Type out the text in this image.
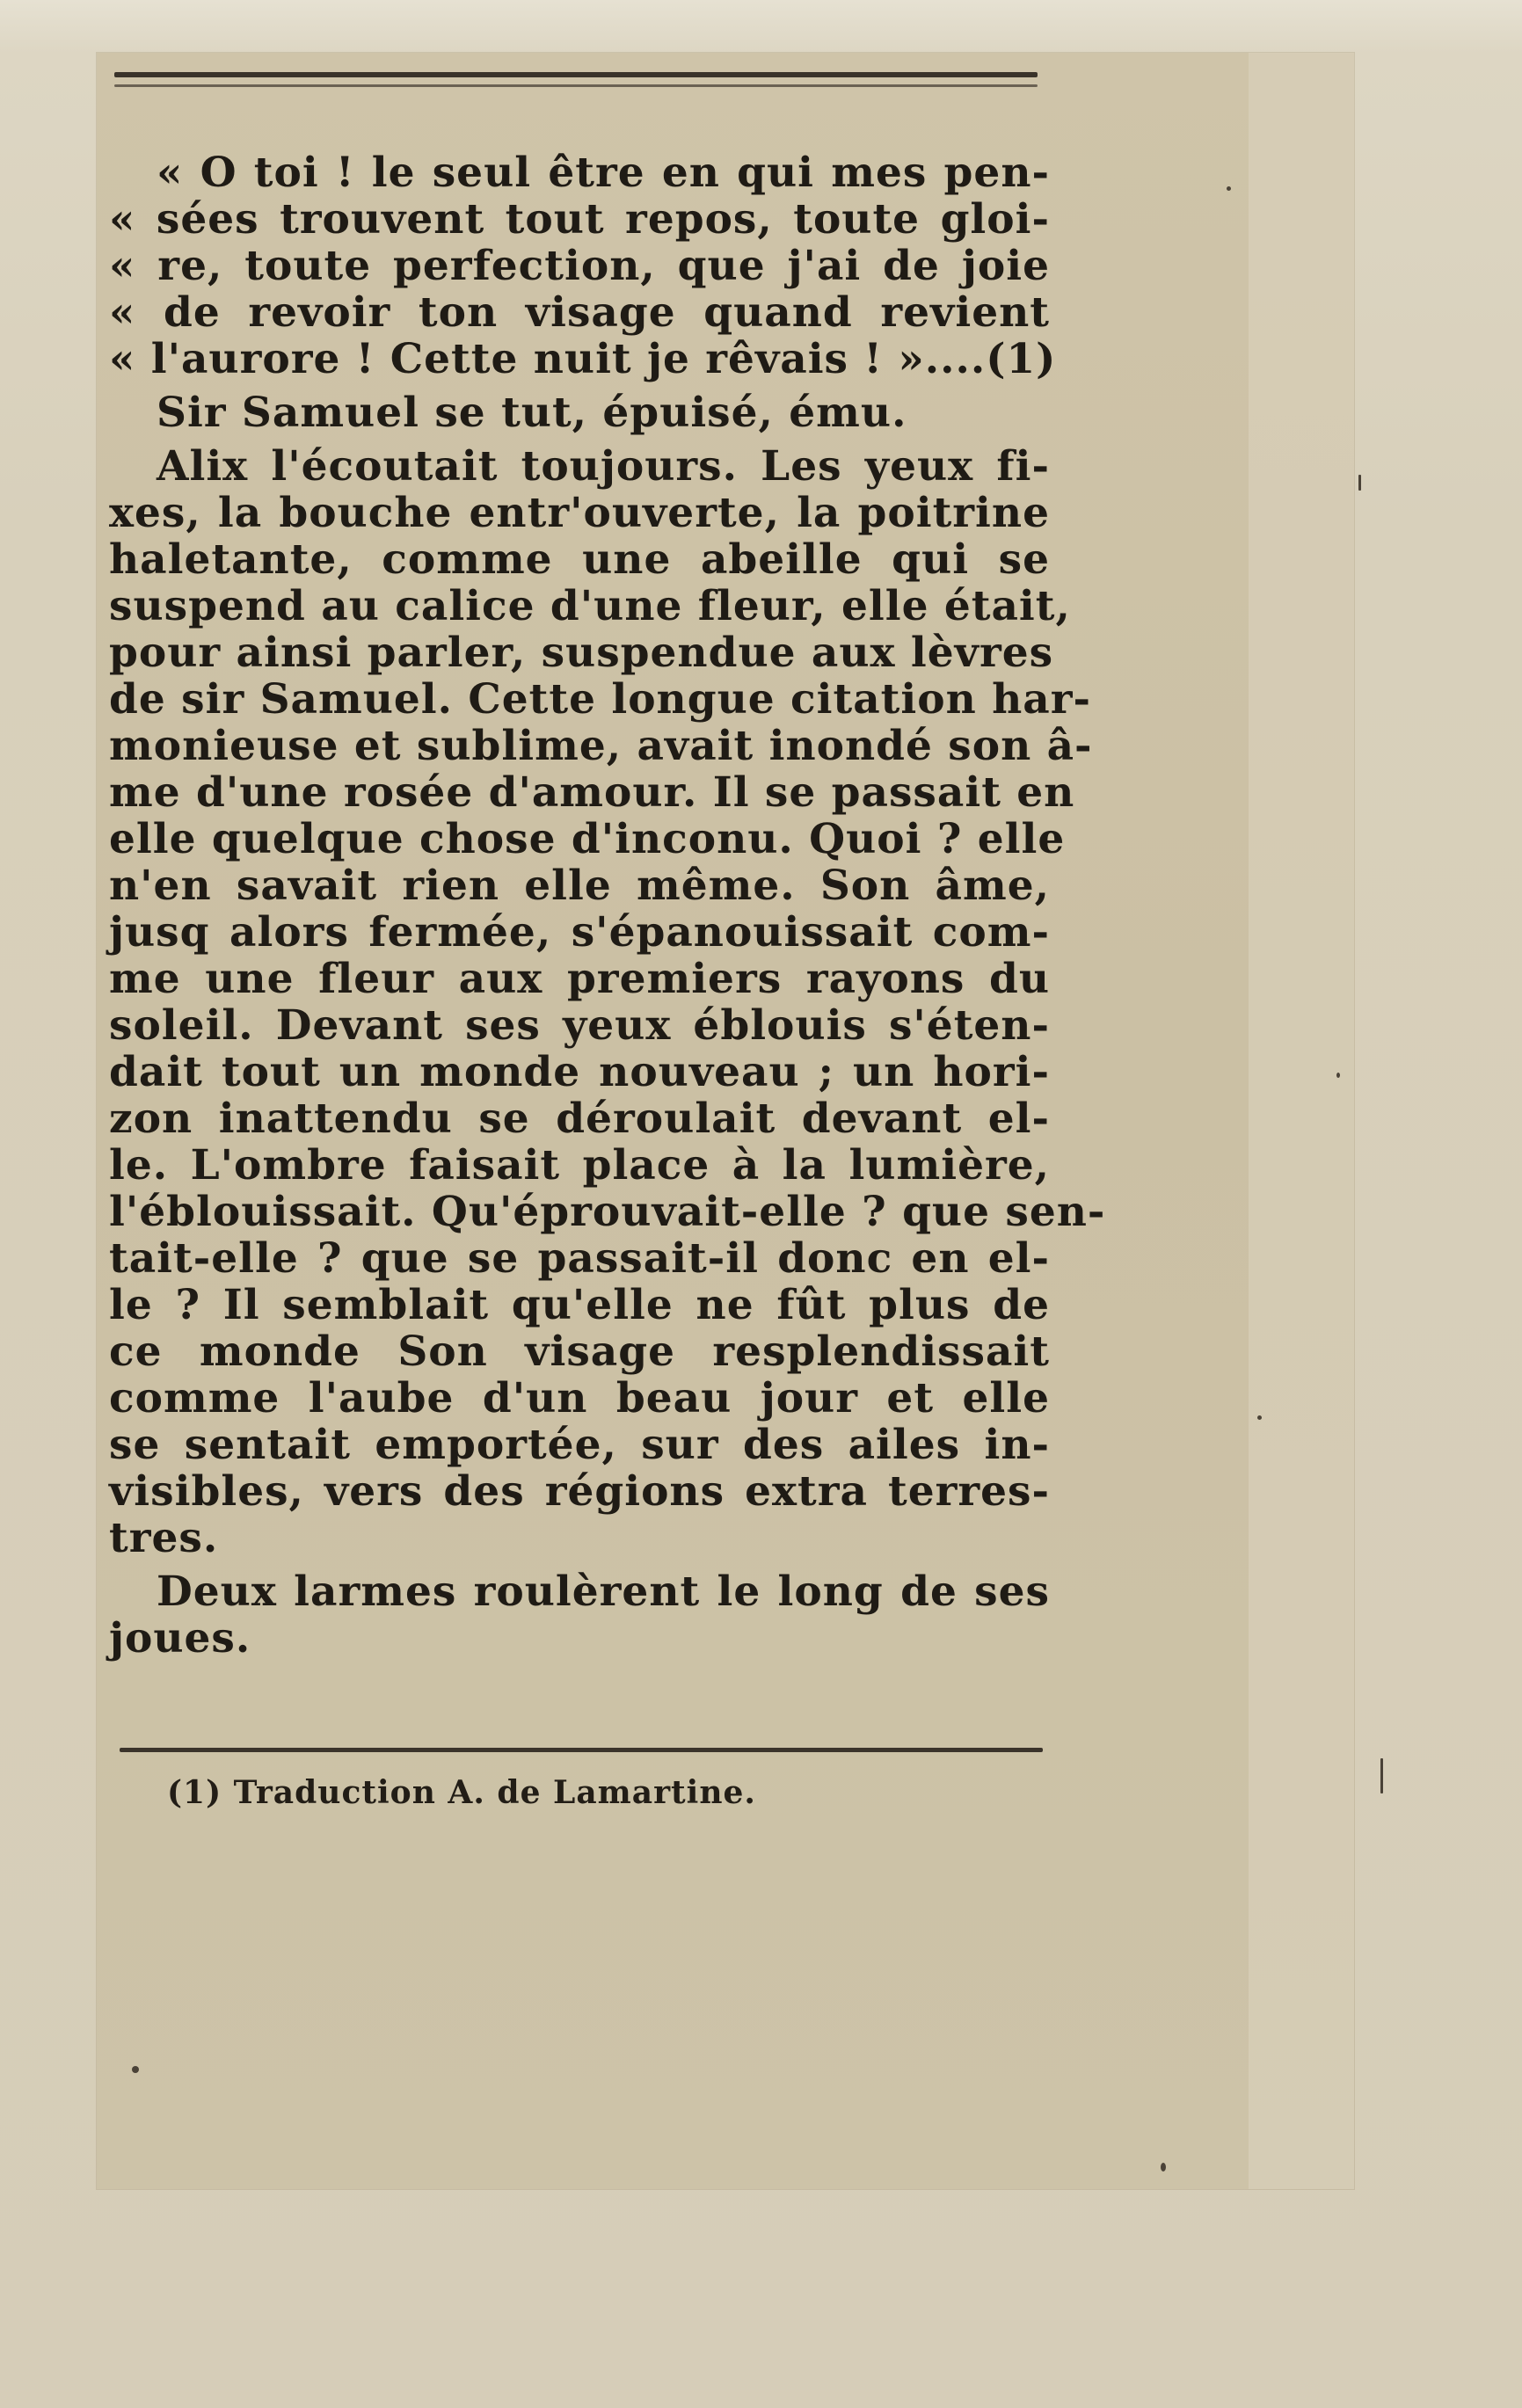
« O toi ! le seul être en qui mes pen-
« sées trouvent tout repos, toute gloi-
« re, toute perfection, que j'ai de joie
« de revoir ton visage quand revient
« l'aurore ! Cette nuit je rêvais ! »....(1)
Sir Samuel se tut, épuisé, ému.
Alix l'écoutait toujours. Les yeux fi-
xes, la bouche entr'ouverte, la poitrine
haletante, comme une abeille qui se
suspend au calice d'une fleur, elle était,
pour ainsi parler, suspendue aux lèvres
de sir Samuel. Cette longue citation har-
monieuse et sublime, avait inondé son â-
me d'une rosée d'amour. Il se passait en
elle quelque chose d'inconu. Quoi ? elle
n'en savait rien elle même. Son âme,
jusq alors fermée, s'épanouissait com-
me une fleur aux premiers rayons du
soleil. Devant ses yeux éblouis s'éten-
dait tout un monde nouveau ; un hori-
zon inattendu se déroulait devant el-
le. L'ombre faisait place à la lumière,
l'éblouissait. Qu'éprouvait-elle ? que sen-
tait-elle ? que se passait-il donc en el-
le ? Il semblait qu'elle ne fût plus de
ce monde Son visage resplendissait
comme l'aube d'un beau jour et elle
se sentait emportée, sur des ailes in-
visibles, vers des régions extra terres-
tres.
Deux larmes roulèrent le long de ses
joues.
(1) Traduction A. de Lamartine.
